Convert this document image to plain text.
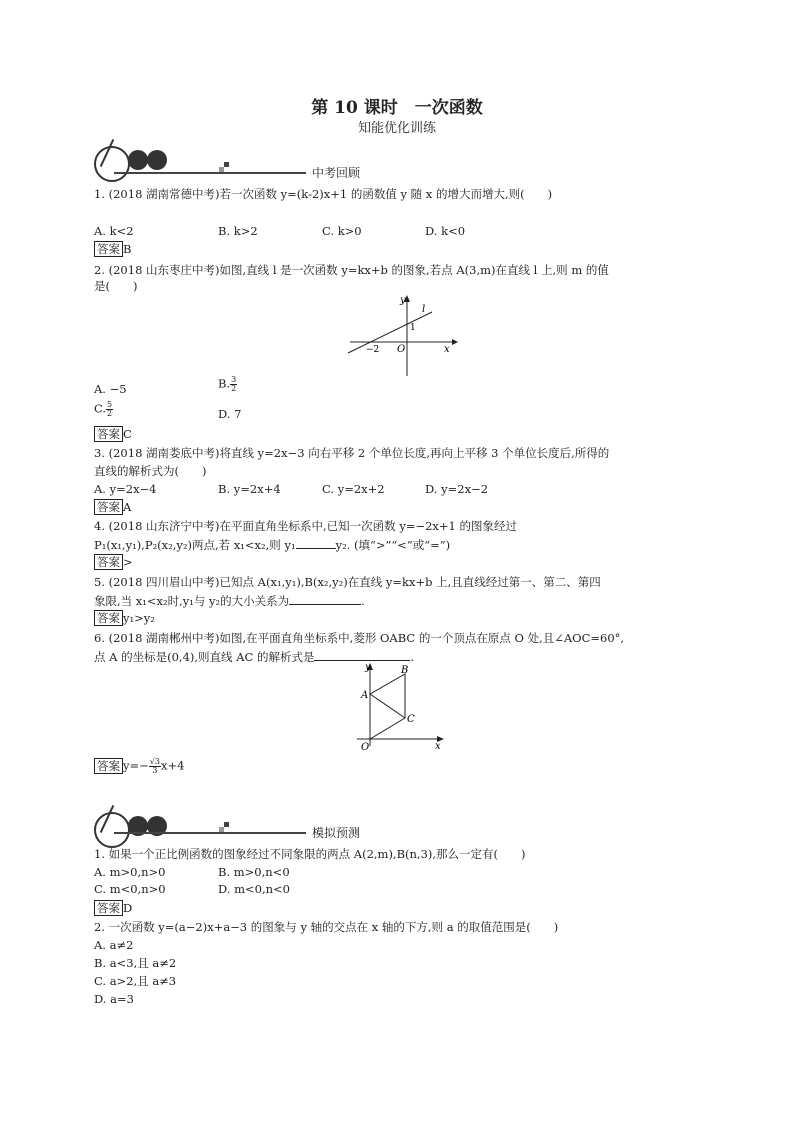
第 10 课时　一次函数
知能优化训练
中考回顾
1. (2018 湖南常德中考)若一次函数 y=(k-2)x+1 的函数值 y 随 x 的增大而增大,则(　　)
A. k<2	B. k>2	C. k>0	D. k<0
答案 B
2. (2018 山东枣庄中考)如图,直线 l 是一次函数 y=kx+b 的图象,若点 A(3,m)在直线 l 上,则 m 的值
是(　　)
y
x
l
1
−2 O
A. −5	B. $\frac{3}{2}$
C. $\frac{5}{2}$	D. 7
答案 C
3. (2018 湖南娄底中考)将直线 y=2x−3 向右平移 2 个单位长度,再向上平移 3 个单位长度后,所得的
直线的解析式为(　　)
A. y=2x−4	B. y=2x+4	C. y=2x+2	D. y=2x−2
答案 A
4. (2018 山东济宁中考)在平面直角坐标系中,已知一次函数 y=−2x+1 的图象经过
P₁(x₁,y₁),P₂(x₂,y₂)两点,若 x₁<x₂,则 y₁	y₂. (填“>”“<”或“=”)
答案 >
5. (2018 四川眉山中考)已知点 A(x₁,y₁),B(x₂,y₂)在直线 y=kx+b 上,且直线经过第一、第二、第四
象限,当 x₁<x₂时,y₁与 y₂的大小关系为	.
答案 y₁>y₂
6. (2018 湖南郴州中考)如图,在平面直角坐标系中,菱形 OABC 的一个顶点在原点 O 处,且∠AOC=60°,
点 A 的坐标是(0,4),则直线 AC 的解析式是	.
y
x
A
B
C
O
答案 $y=- \frac{√3}{3} x+4$
模拟预测
1. 如果一个正比例函数的图象经过不同象限的两点 A(2,m),B(n,3),那么一定有(　　)
A. m>0,n>0	B. m>0,n<0
C. m<0,n>0	D. m<0,n<0
答案 D
2. 一次函数 y=(a−2)x+a−3 的图象与 y 轴的交点在 x 轴的下方,则 a 的取值范围是(　　)
A. a≠2
B. a<3,且 a≠2
C. a>2,且 a≠3
D. a=3
